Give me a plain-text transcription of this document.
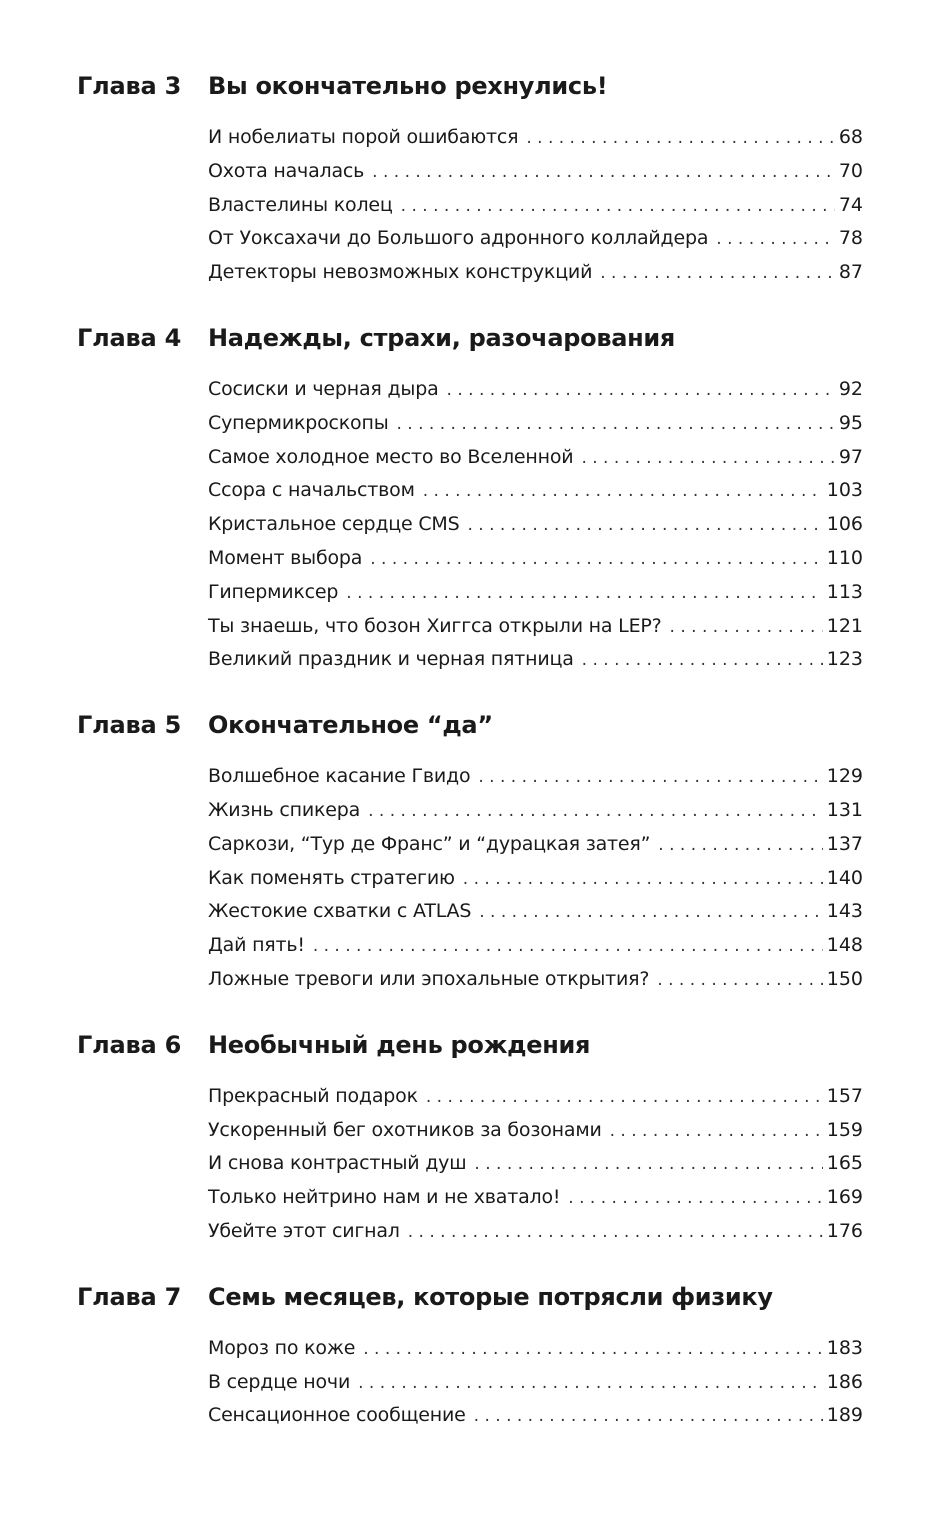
Глава 3	Вы окончательно рехнулись!
И нобелиаты порой ошибаются . . .	68
Охота началась . . .	70
Властелины колец . . .	74
От Уоксахачи до Большого адронного коллайдера . . .	78
Детекторы невозможных конструкций . . .	87
Глава 4	Надежды, страхи, разочарования
Сосиски и черная дыра . . .	92
Супермикроскопы . . .	95
Самое холодное место во Вселенной . . .	97
Ссора с начальством . . .	103
Кристальное сердце CMS . . .	106
Момент выбора . . .	110
Гипермиксер . . .	113
Ты знаешь, что бозон Хиггса открыли на LEP? . . .	121
Великий праздник и черная пятница . . .	123
Глава 5	Окончательное “да”
Волшебное касание Гвидо . . .	129
Жизнь спикера . . .	131
Саркози, “Тур де Франс” и “дурацкая затея” . . .	137
Как поменять стратегию . . .	140
Жестокие схватки с ATLAS . . .	143
Дай пять! . . .	148
Ложные тревоги или эпохальные открытия? . . .	150
Глава 6	Необычный день рождения
Прекрасный подарок . . .	157
Ускоренный бег охотников за бозонами . . .	159
И снова контрастный душ . . .	165
Только нейтрино нам и не хватало! . . .	169
Убейте этот сигнал . . .	176
Глава 7	Семь месяцев, которые потрясли физику
Мороз по коже . . .	183
В сердце ночи . . .	186
Сенсационное сообщение . . .	189
